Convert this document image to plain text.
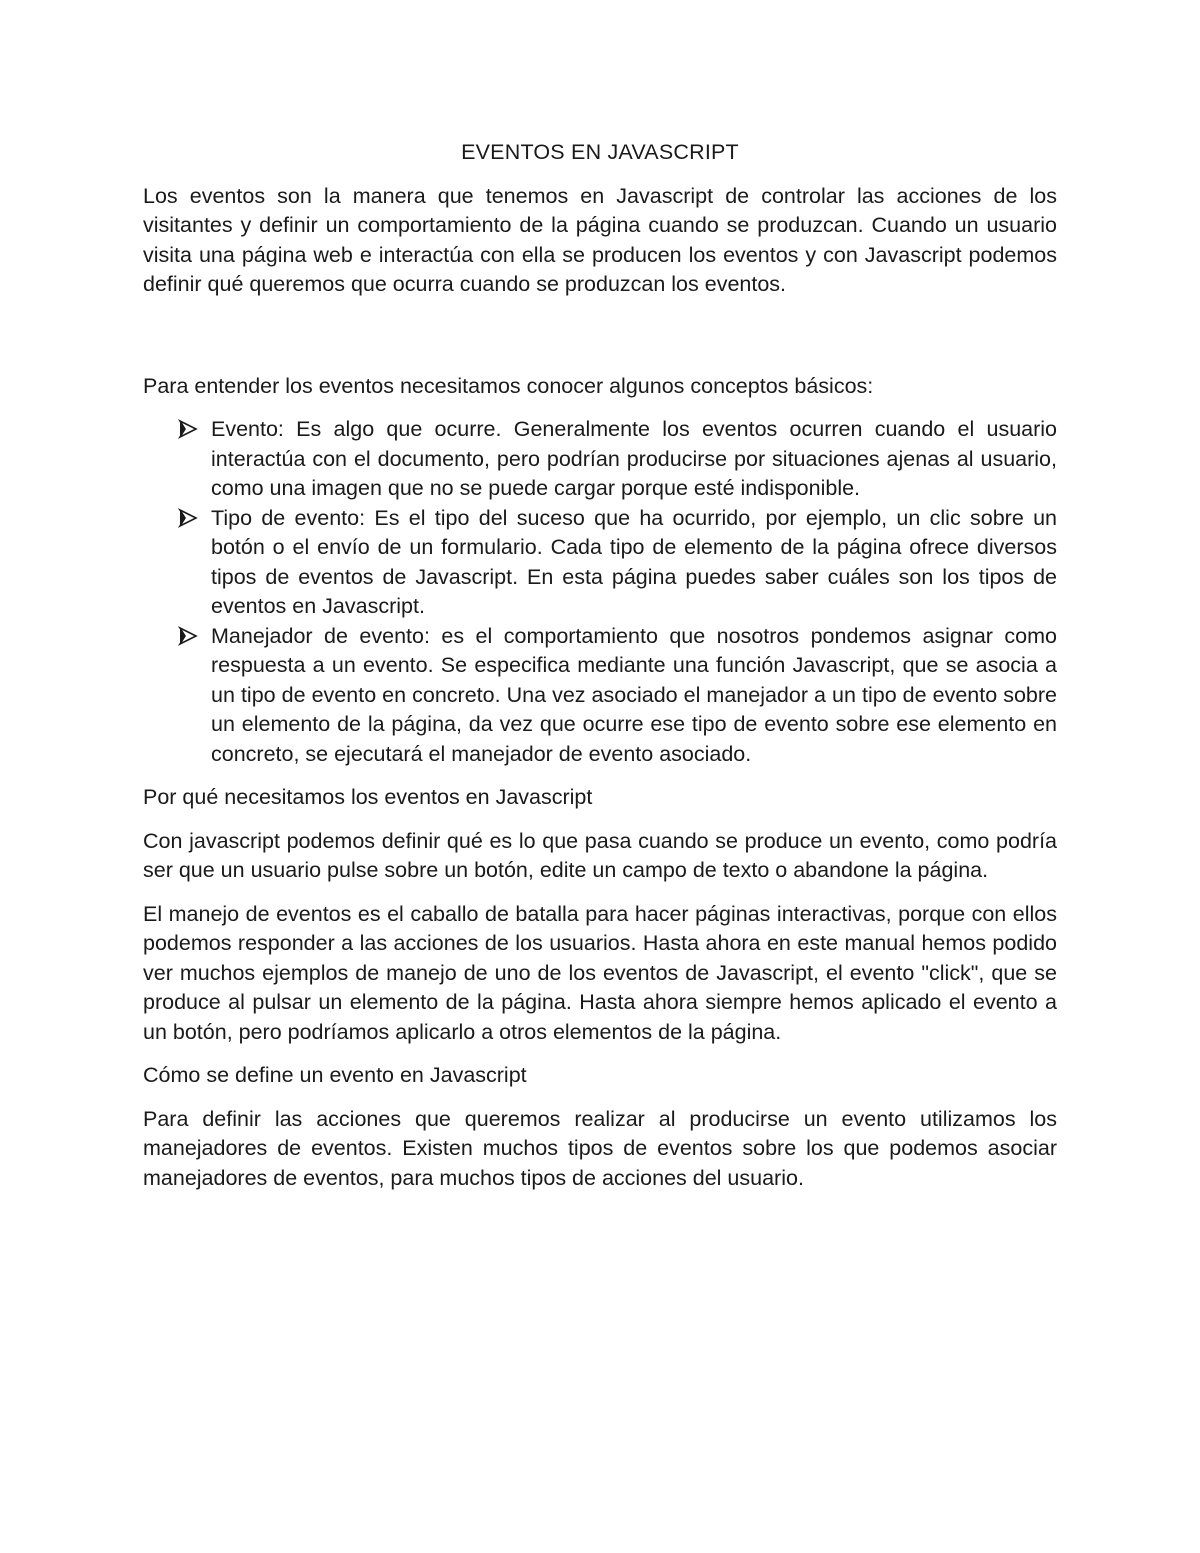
EVENTOS EN JAVASCRIPT

Los eventos son la manera que tenemos en Javascript de controlar las acciones de los visitantes y definir un comportamiento de la página cuando se produzcan. Cuando un usuario visita una página web e interactúa con ella se producen los eventos y con Javascript podemos definir qué queremos que ocurra cuando se produzcan los eventos.

Para entender los eventos necesitamos conocer algunos conceptos básicos:

Evento: Es algo que ocurre. Generalmente los eventos ocurren cuando el usuario interactúa con el documento, pero podrían producirse por situaciones ajenas al usuario, como una imagen que no se puede cargar porque esté indisponible.
Tipo de evento: Es el tipo del suceso que ha ocurrido, por ejemplo, un clic sobre un botón o el envío de un formulario. Cada tipo de elemento de la página ofrece diversos tipos de eventos de Javascript. En esta página puedes saber cuáles son los tipos de eventos en Javascript.
Manejador de evento: es el comportamiento que nosotros pondemos asignar como respuesta a un evento. Se especifica mediante una función Javascript, que se asocia a un tipo de evento en concreto. Una vez asociado el manejador a un tipo de evento sobre un elemento de la página, da vez que ocurre ese tipo de evento sobre ese elemento en concreto, se ejecutará el manejador de evento asociado.
Por qué necesitamos los eventos en Javascript

Con javascript podemos definir qué es lo que pasa cuando se produce un evento, como podría ser que un usuario pulse sobre un botón, edite un campo de texto o abandone la página.

El manejo de eventos es el caballo de batalla para hacer páginas interactivas, porque con ellos podemos responder a las acciones de los usuarios. Hasta ahora en este manual hemos podido ver muchos ejemplos de manejo de uno de los eventos de Javascript, el evento "click", que se produce al pulsar un elemento de la página. Hasta ahora siempre hemos aplicado el evento a un botón, pero podríamos aplicarlo a otros elementos de la página.

Cómo se define un evento en Javascript

Para definir las acciones que queremos realizar al producirse un evento utilizamos los manejadores de eventos. Existen muchos tipos de eventos sobre los que podemos asociar manejadores de eventos, para muchos tipos de acciones del usuario.
